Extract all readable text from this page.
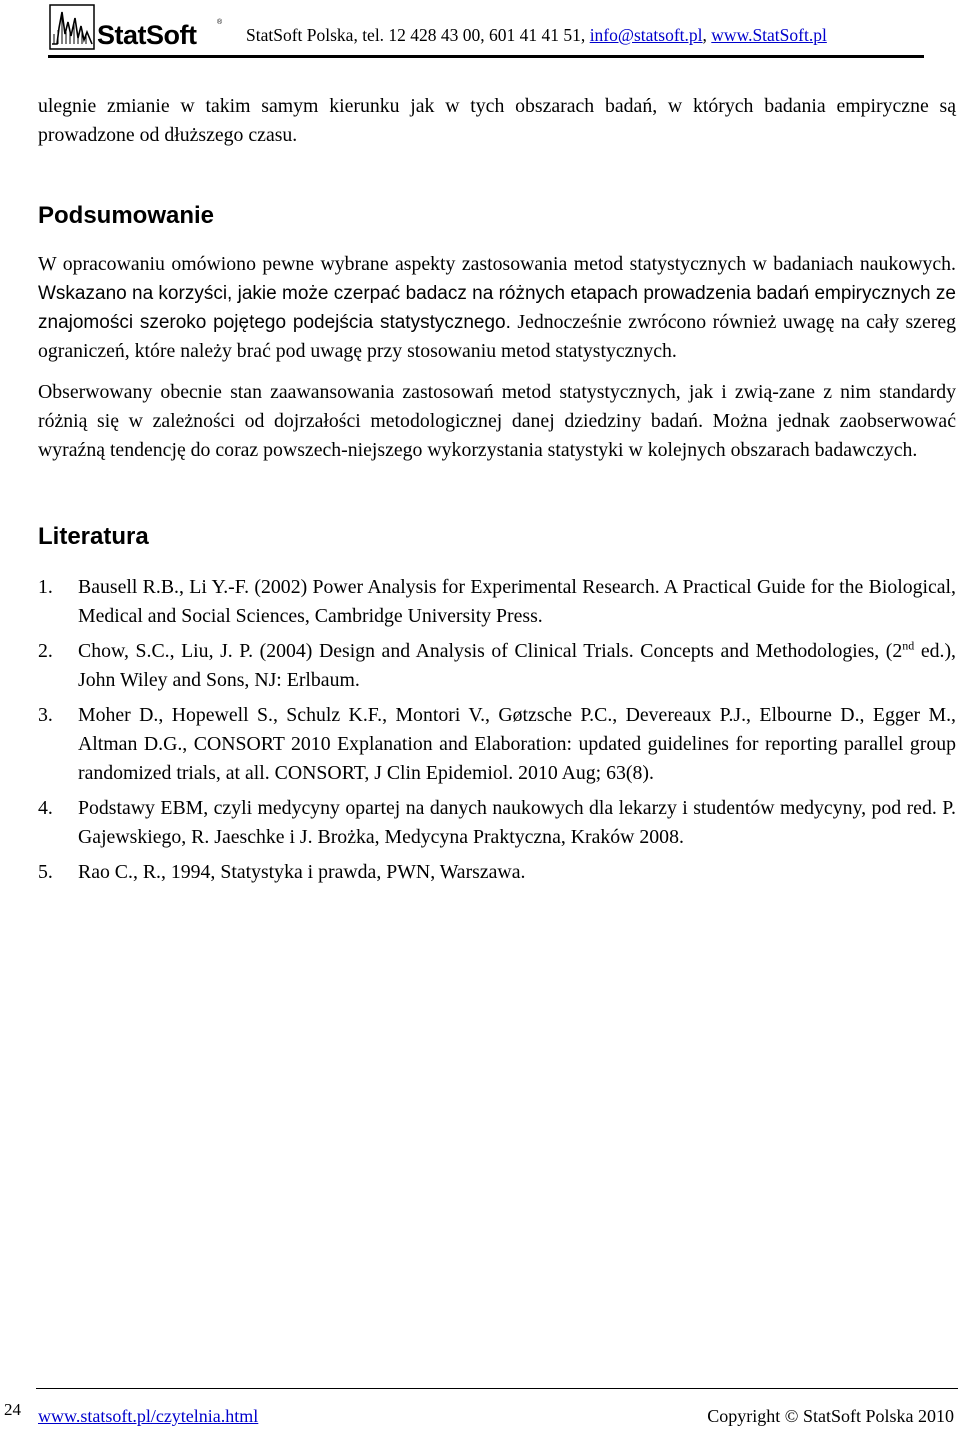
StatSoft	®
StatSoft Polska, tel. 12 428 43 00, 601 41 41 51, info@statsoft.pl, www.StatSoft.pl

ulegnie zmianie w takim samym kierunku jak w tych obszarach badań, w których badania empiryczne są prowadzone od dłuższego czasu.

Podsumowanie

W opracowaniu omówiono pewne wybrane aspekty zastosowania metod statystycznych w badaniach naukowych. Wskazano na korzyści, jakie może czerpać badacz na różnych etapach prowadzenia badań empirycznych ze znajomości szeroko pojętego podejścia statystycznego. Jednocześnie zwrócono również uwagę na cały szereg ograniczeń, które należy brać pod uwagę przy stosowaniu metod statystycznych.

Obserwowany obecnie stan zaawansowania zastosowań metod statystycznych, jak i zwią-zane z nim standardy różnią się w zależności od dojrzałości metodologicznej danej dziedziny badań. Można jednak zaobserwować wyraźną tendencję do coraz powszech-niejszego wykorzystania statystyki w kolejnych obszarach badawczych.

Literatura
1. Bausell R.B., Li Y.-F. (2002) Power Analysis for Experimental Research. A Practical Guide for the Biological, Medical and Social Sciences, Cambridge University Press.
2. Chow, S.C., Liu, J. P. (2004) Design and Analysis of Clinical Trials. Concepts and Methodologies, (2nd ed.), John Wiley and Sons, NJ: Erlbaum.
3. Moher D., Hopewell S., Schulz K.F., Montori V., Gøtzsche P.C., Devereaux P.J., Elbourne D., Egger M., Altman D.G., CONSORT 2010 Explanation and Elaboration: updated guidelines for reporting parallel group randomized trials, at all. CONSORT, J Clin Epidemiol. 2010 Aug; 63(8).
4. Podstawy EBM, czyli medycyny opartej na danych naukowych dla lekarzy i studentów medycyny, pod red. P. Gajewskiego, R. Jaeschke i J. Brożka, Medycyna Praktyczna, Kraków 2008.
5. Rao C., R., 1994, Statystyka i prawda, PWN, Warszawa.
24 www.statsoft.pl/czytelnia.html	Copyright © StatSoft Polska 2010
